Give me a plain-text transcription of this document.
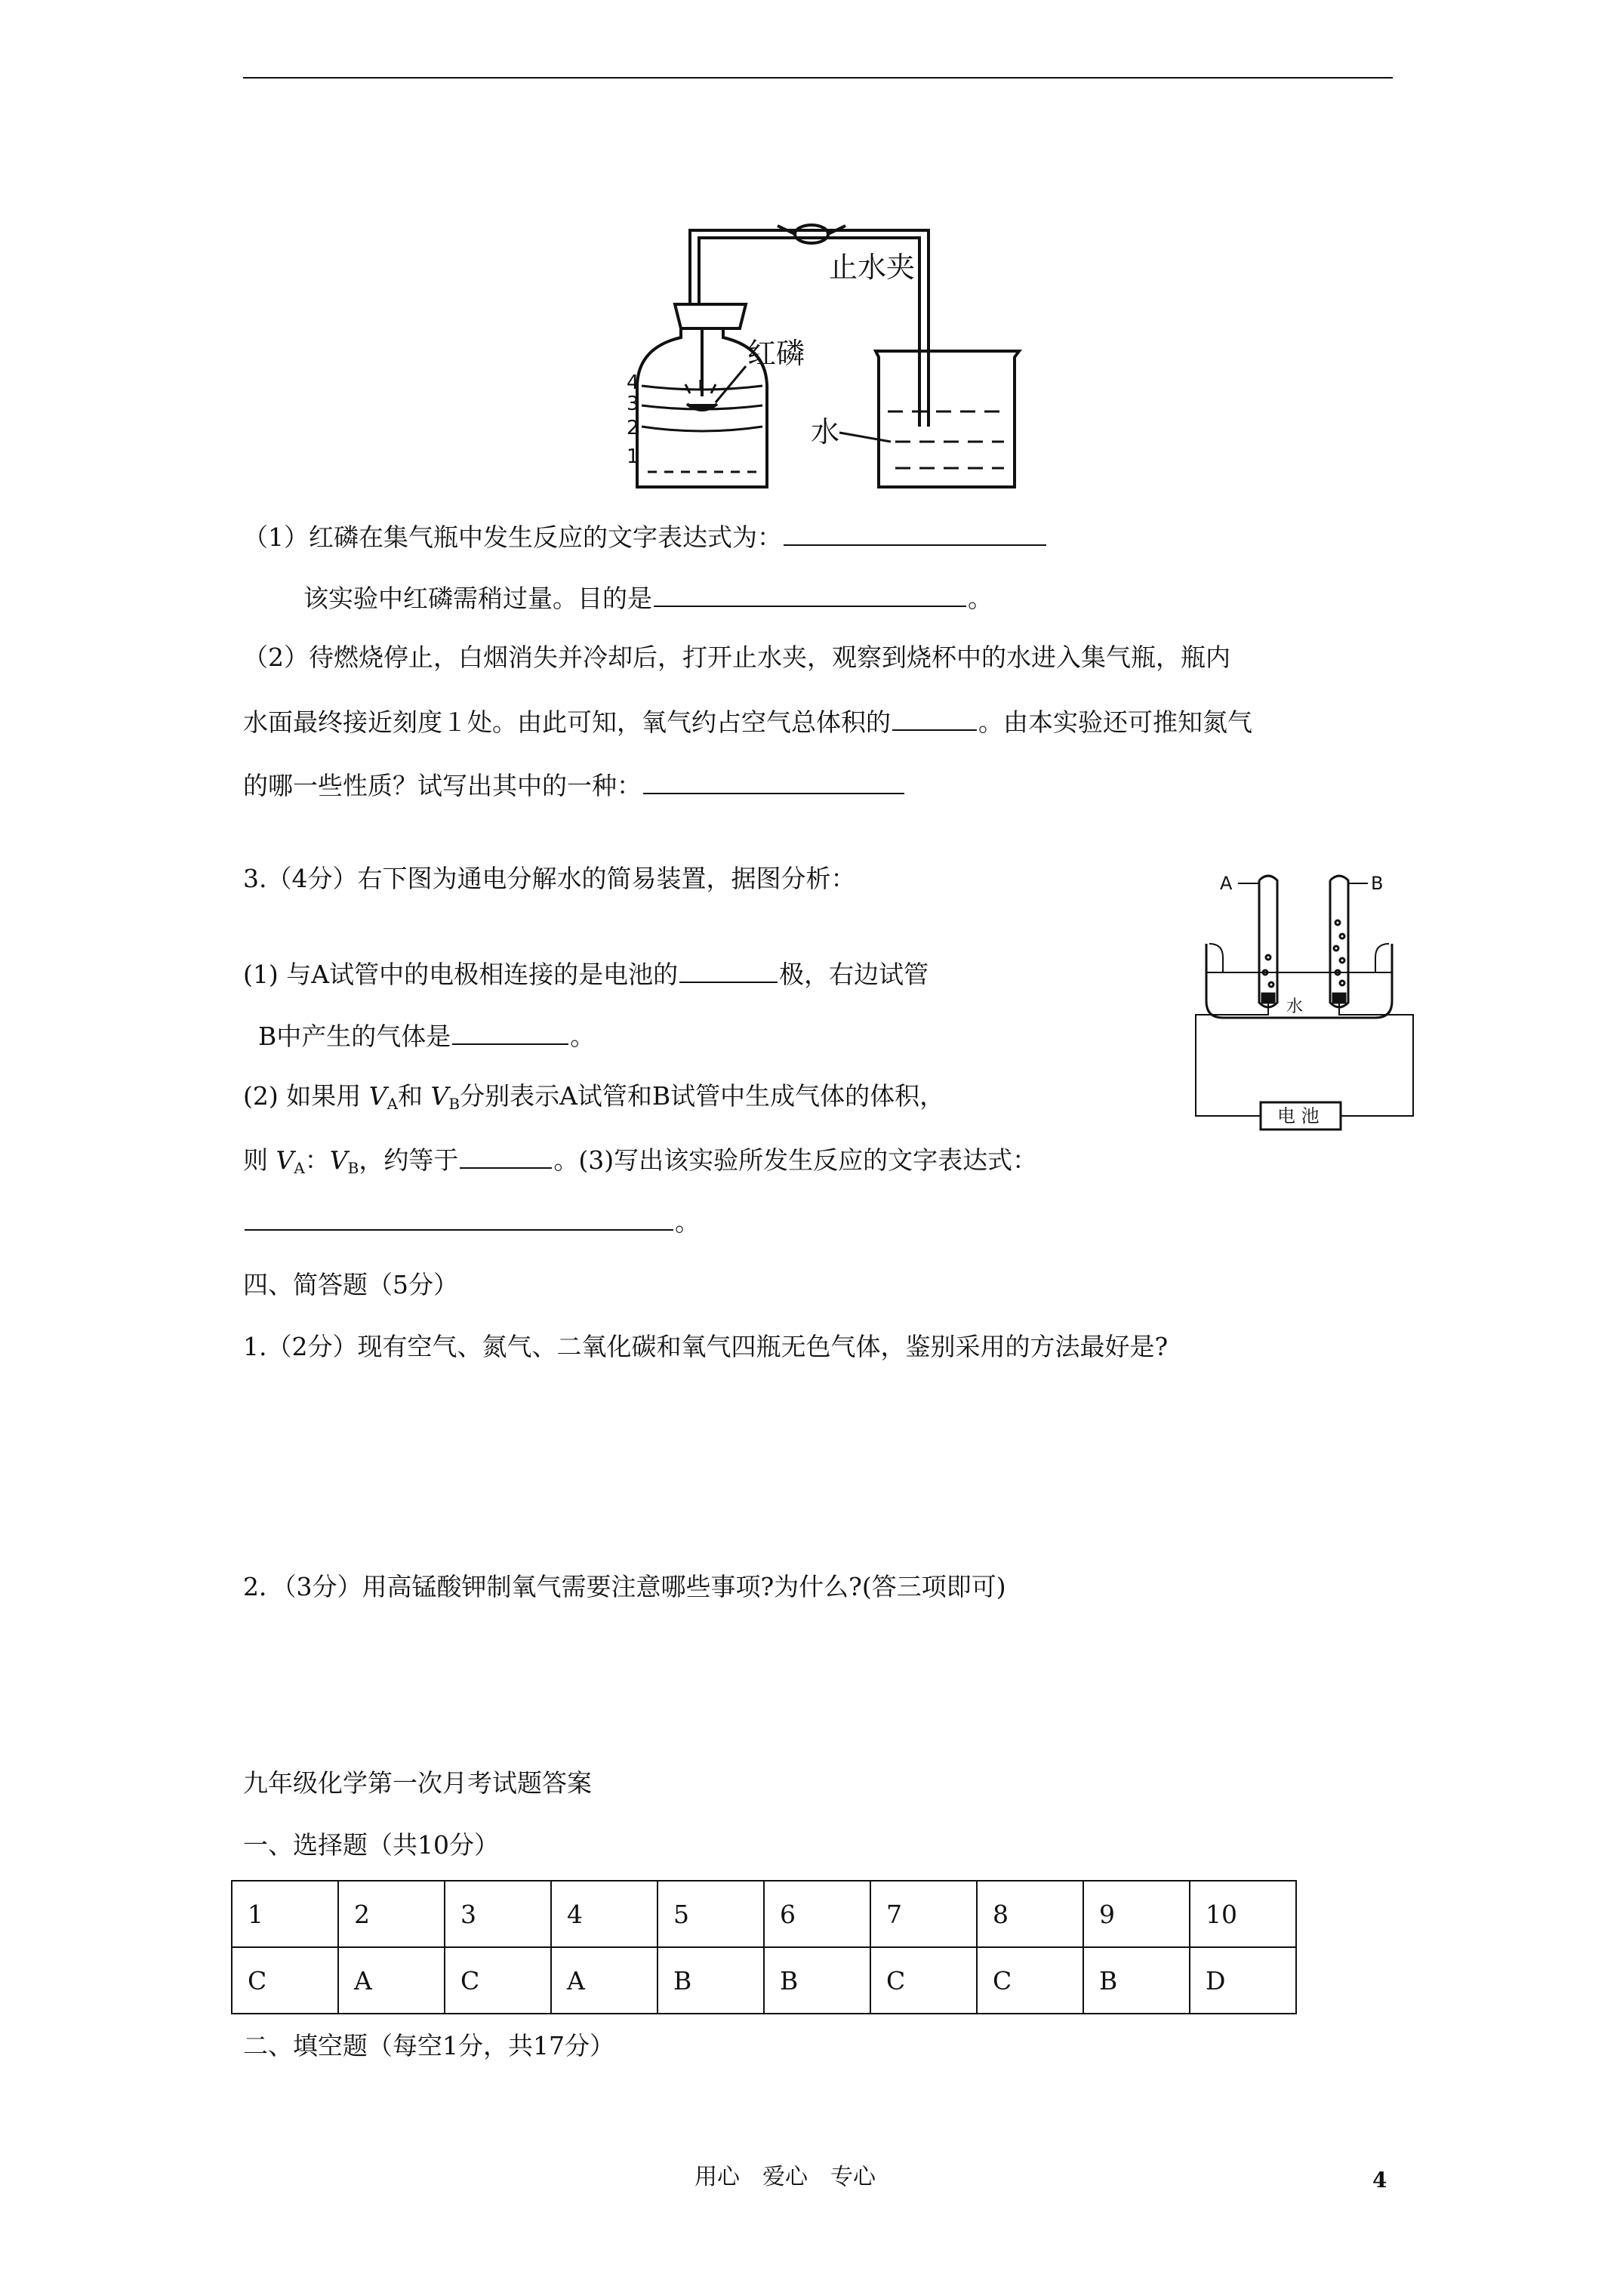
止水夹
红磷
水
4
3
2
1
（1）红磷在集气瓶中发生反应的文字表达式为：
该实验中红磷需稍过量。目的是	。
（2）待燃烧停止，白烟消失并冷却后，打开止水夹，观察到烧杯中的水进入集气瓶，瓶内
水面最终接近刻度１处。由此可知，氧气约占空气总体积的	。由本实验还可推知氮气
的哪一些性质？试写出其中的一种：
A	B
水
电 池
3.（4分）右下图为通电分解水的简易装置，据图分析：
(1) 与A试管中的电极相连接的是电池的	极，右边试管
B中产生的气体是	。
(2) 如果用 $V_A$和 $V_B$分别表示A试管和B试管中生成气体的体积，
则 $V_A$：$V_B$，约等于	。(3)写出该实验所发生反应的文字表达式：
。
四、简答题（5分）
1.（2分）现有空气、氮气、二氧化碳和氧气四瓶无色气体，鉴别采用的方法最好是?
2．（3分）用高锰酸钾制氧气需要注意哪些事项?为什么?(答三项即可)
九年级化学第一次月考试题答案
一、选择题（共10分）
1	2	3	4	5	6	7	8	9	10
C	A	C	A	B	B	C	C	B	D
二、填空题（每空1分，共17分）
用心　爱心　专心	4
